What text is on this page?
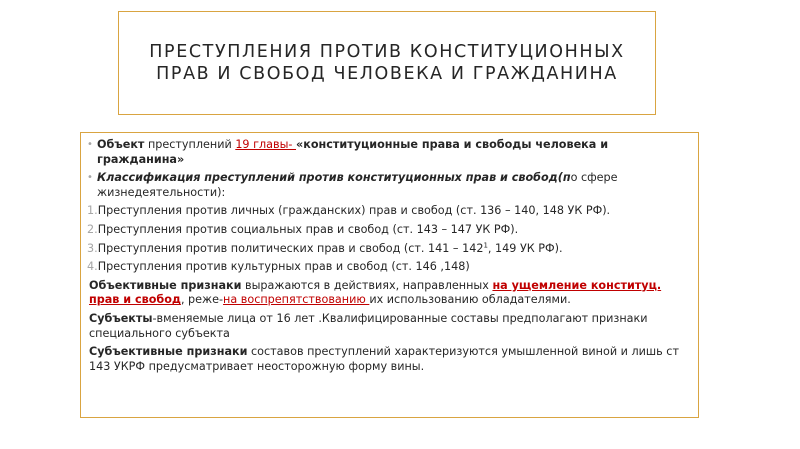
ПРЕСТУПЛЕНИЯ ПРОТИВ КОНСТИТУЦИОННЫХ
ПРАВ И СВОБОД ЧЕЛОВЕКА И ГРАЖДАНИНА
• Объект преступлений 19 главы- «конституционные права и свободы человека и гражданина»
• Классификация преступлений против конституционных прав и свобод(по сфере жизнедеятельности):
1. Преступления против личных (гражданских) прав и свобод (ст. 136 – 140, 148 УК РФ).
2. Преступления против социальных прав и свобод (ст. 143 – 147 УК РФ).
3. Преступления против политических прав и свобод (ст. $141 - 142^1$, 149 УК РФ).
4. Преступления против культурных прав и свобод (ст. 146 ,148)
Объективные признаки выражаются в действиях, направленных на ущемление конституц. прав и свобод, реже-на воспрепятствованию их использованию обладателями.
Субъекты-вменяемые лица от 16 лет .Квалифицированные составы предполагают признаки специального субъекта
Субъективные признаки составов преступлений характеризуются умышленной виной и лишь ст 143 УКРФ предусматривает неосторожную форму вины.
